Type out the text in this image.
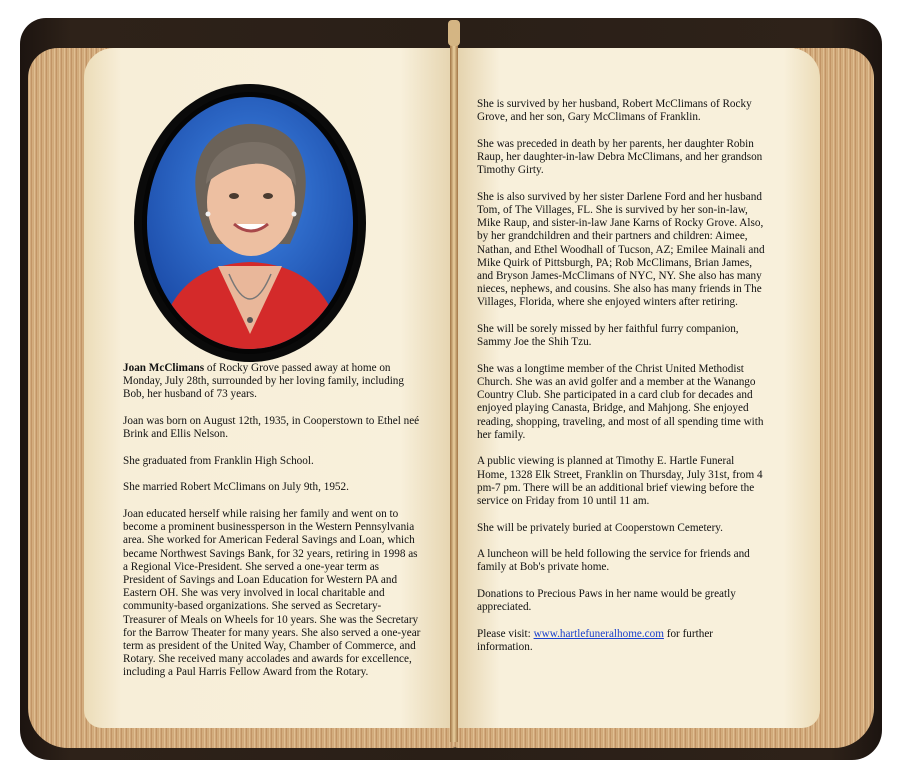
Joan McClimans of Rocky Grove passed away at home on Monday, July 28th, surrounded by her loving family, including Bob, her husband of 73 years.

Joan was born on August 12th, 1935, in Cooperstown to Ethel neé Brink and Ellis Nelson.

She graduated from Franklin High School.

She married Robert McClimans on July 9th, 1952.

Joan educated herself while raising her family and went on to become a prominent businessperson in the Western Pennsylvania area. She worked for American Federal Savings and Loan, which became Northwest Savings Bank, for 32 years, retiring in 1998 as a Regional Vice-President. She served a one-year term as President of Savings and Loan Education for Western PA and Eastern OH. She was very involved in local charitable and community-based organizations. She served as Secretary-Treasurer of Meals on Wheels for 10 years. She was the Secretary for the Barrow Theater for many years. She also served a one-year term as president of the United Way, Chamber of Commerce, and Rotary. She received many accolades and awards for excellence, including a Paul Harris Fellow Award from the Rotary.

She is survived by her husband, Robert McClimans of Rocky Grove, and her son, Gary McClimans of Franklin.

She was preceded in death by her parents, her daughter Robin Raup, her daughter-in-law Debra McClimans, and her grandson Timothy Girty.

She is also survived by her sister Darlene Ford and her husband Tom, of The Villages, FL. She is survived by her son-in-law, Mike Raup, and sister-in-law Jane Karns of Rocky Grove. Also, by her grandchildren and their partners and children: Aimee, Nathan, and Ethel Woodhall of Tucson, AZ; Emilee Mainali and Mike Quirk of Pittsburgh, PA; Rob McClimans, Brian James, and Bryson James-McClimans of NYC, NY. She also has many nieces, nephews, and cousins. She also has many friends in The Villages, Florida, where she enjoyed winters after retiring.

She will be sorely missed by her faithful furry companion, Sammy Joe the Shih Tzu.

She was a longtime member of the Christ United Methodist Church. She was an avid golfer and a member at the Wanango Country Club. She participated in a card club for decades and enjoyed playing Canasta, Bridge, and Mahjong. She enjoyed reading, shopping, traveling, and most of all spending time with her family.

A public viewing is planned at Timothy E. Hartle Funeral Home, 1328 Elk Street, Franklin on Thursday, July 31st, from 4 pm-7 pm. There will be an additional brief viewing before the service on Friday from 10 until 11 am.

She will be privately buried at Cooperstown Cemetery.

A luncheon will be held following the service for friends and family at Bob's private home.

Donations to Precious Paws in her name would be greatly appreciated.

Please visit: www.hartlefuneralhome.com for further information.
